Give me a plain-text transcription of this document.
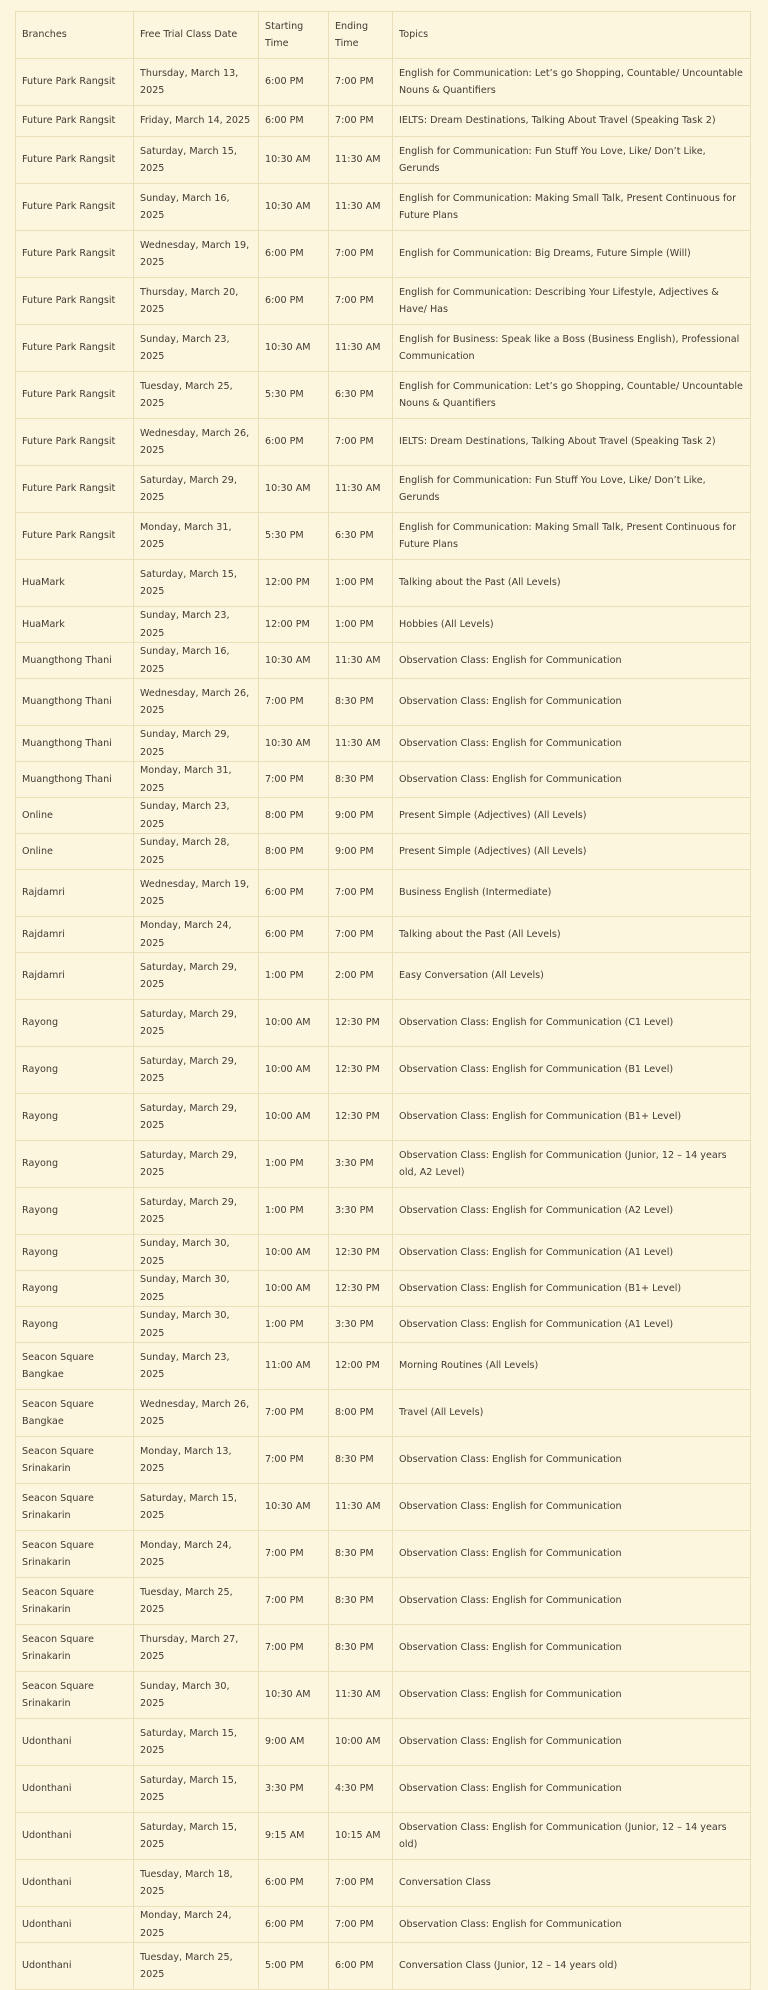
Branches	Free Trial Class Date	Starting Time	Ending Time	Topics
Future Park Rangsit	Thursday, March 13, 2025	6:00 PM	7:00 PM	English for Communication: Let’s go Shopping, Countable/ Uncountable Nouns & Quantifiers
Future Park Rangsit	Friday, March 14, 2025	6:00 PM	7:00 PM	IELTS: Dream Destinations, Talking About Travel (Speaking Task 2)
Future Park Rangsit	Saturday, March 15, 2025	10:30 AM	11:30 AM	English for Communication: Fun Stuff You Love, Like/ Don’t Like, Gerunds
Future Park Rangsit	Sunday, March 16, 2025	10:30 AM	11:30 AM	English for Communication: Making Small Talk, Present Continuous for Future Plans
Future Park Rangsit	Wednesday, March 19, 2025	6:00 PM	7:00 PM	English for Communication: Big Dreams, Future Simple (Will)
Future Park Rangsit	Thursday, March 20, 2025	6:00 PM	7:00 PM	English for Communication: Describing Your Lifestyle, Adjectives & Have/ Has
Future Park Rangsit	Sunday, March 23, 2025	10:30 AM	11:30 AM	English for Business: Speak like a Boss (Business English), Professional Communication
Future Park Rangsit	Tuesday, March 25, 2025	5:30 PM	6:30 PM	English for Communication: Let’s go Shopping, Countable/ Uncountable Nouns & Quantifiers
Future Park Rangsit	Wednesday, March 26, 2025	6:00 PM	7:00 PM	IELTS: Dream Destinations, Talking About Travel (Speaking Task 2)
Future Park Rangsit	Saturday, March 29, 2025	10:30 AM	11:30 AM	English for Communication: Fun Stuff You Love, Like/ Don’t Like, Gerunds
Future Park Rangsit	Monday, March 31, 2025	5:30 PM	6:30 PM	English for Communication: Making Small Talk, Present Continuous for Future Plans
HuaMark	Saturday, March 15, 2025	12:00 PM	1:00 PM	Talking about the Past (All Levels)
HuaMark	Sunday, March 23, 2025	12:00 PM	1:00 PM	Hobbies (All Levels)
Muangthong Thani	Sunday, March 16, 2025	10:30 AM	11:30 AM	Observation Class: English for Communication
Muangthong Thani	Wednesday, March 26, 2025	7:00 PM	8:30 PM	Observation Class: English for Communication
Muangthong Thani	Sunday, March 29, 2025	10:30 AM	11:30 AM	Observation Class: English for Communication
Muangthong Thani	Monday, March 31, 2025	7:00 PM	8:30 PM	Observation Class: English for Communication
Online	Sunday, March 23, 2025	8:00 PM	9:00 PM	Present Simple (Adjectives) (All Levels)
Online	Sunday, March 28, 2025	8:00 PM	9:00 PM	Present Simple (Adjectives) (All Levels)
Rajdamri	Wednesday, March 19, 2025	6:00 PM	7:00 PM	Business English (Intermediate)
Rajdamri	Monday, March 24, 2025	6:00 PM	7:00 PM	Talking about the Past (All Levels)
Rajdamri	Saturday, March 29, 2025	1:00 PM	2:00 PM	Easy Conversation (All Levels)
Rayong	Saturday, March 29, 2025	10:00 AM	12:30 PM	Observation Class: English for Communication (C1 Level)
Rayong	Saturday, March 29, 2025	10:00 AM	12:30 PM	Observation Class: English for Communication (B1 Level)
Rayong	Saturday, March 29, 2025	10:00 AM	12:30 PM	Observation Class: English for Communication (B1+ Level)
Rayong	Saturday, March 29, 2025	1:00 PM	3:30 PM	Observation Class: English for Communication (Junior, 12 – 14 years old, A2 Level)
Rayong	Saturday, March 29, 2025	1:00 PM	3:30 PM	Observation Class: English for Communication (A2 Level)
Rayong	Sunday, March 30, 2025	10:00 AM	12:30 PM	Observation Class: English for Communication (A1 Level)
Rayong	Sunday, March 30, 2025	10:00 AM	12:30 PM	Observation Class: English for Communication (B1+ Level)
Rayong	Sunday, March 30, 2025	1:00 PM	3:30 PM	Observation Class: English for Communication (A1 Level)
Seacon Square Bangkae	Sunday, March 23, 2025	11:00 AM	12:00 PM	Morning Routines (All Levels)
Seacon Square Bangkae	Wednesday, March 26, 2025	7:00 PM	8:00 PM	Travel (All Levels)
Seacon Square Srinakarin	Monday, March 13, 2025	7:00 PM	8:30 PM	Observation Class: English for Communication
Seacon Square Srinakarin	Saturday, March 15, 2025	10:30 AM	11:30 AM	Observation Class: English for Communication
Seacon Square Srinakarin	Monday, March 24, 2025	7:00 PM	8:30 PM	Observation Class: English for Communication
Seacon Square Srinakarin	Tuesday, March 25, 2025	7:00 PM	8:30 PM	Observation Class: English for Communication
Seacon Square Srinakarin	Thursday, March 27, 2025	7:00 PM	8:30 PM	Observation Class: English for Communication
Seacon Square Srinakarin	Sunday, March 30, 2025	10:30 AM	11:30 AM	Observation Class: English for Communication
Udonthani	Saturday, March 15, 2025	9:00 AM	10:00 AM	Observation Class: English for Communication
Udonthani	Saturday, March 15, 2025	3:30 PM	4:30 PM	Observation Class: English for Communication
Udonthani	Saturday, March 15, 2025	9:15 AM	10:15 AM	Observation Class: English for Communication (Junior, 12 – 14 years old)
Udonthani	Tuesday, March 18, 2025	6:00 PM	7:00 PM	Conversation Class
Udonthani	Monday, March 24, 2025	6:00 PM	7:00 PM	Observation Class: English for Communication
Udonthani	Tuesday, March 25, 2025	5:00 PM	6:00 PM	Conversation Class (Junior, 12 – 14 years old)
